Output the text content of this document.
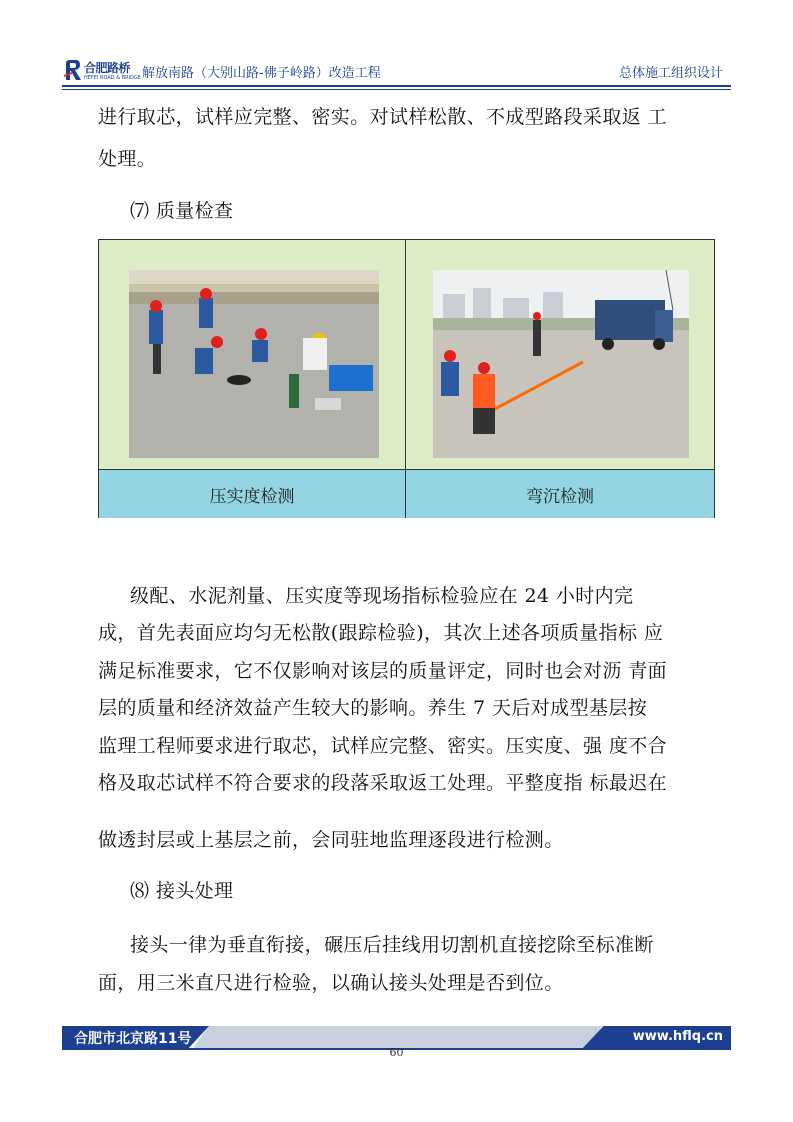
合肥路桥
HEFEI ROAD & BRIDGE 解放南路（大别山路-佛子岭路）改造工程	总体施工组织设计
进行取芯，试样应完整、密实。对试样松散、不成型路段采取返 工
处理。
⑺ 质量检查
压实度检测	弯沉检测
级配、水泥剂量、压实度等现场指标检验应在 24 小时内完
成，首先表面应均匀无松散(跟踪检验)，其次上述各项质量指标 应
满足标准要求，它不仅影响对该层的质量评定，同时也会对沥 青面
层的质量和经济效益产生较大的影响。养生 7 天后对成型基层按
监理工程师要求进行取芯，试样应完整、密实。压实度、强 度不合
格及取芯试样不符合要求的段落采取返工处理。平整度指 标最迟在
做透封层或上基层之前，会同驻地监理逐段进行检测。
⑻ 接头处理
接头一律为垂直衔接，碾压后挂线用切割机直接挖除至标准断
面，用三米直尺进行检验，以确认接头处理是否到位。
合肥市北京路11号	www.hflq.cn
60
